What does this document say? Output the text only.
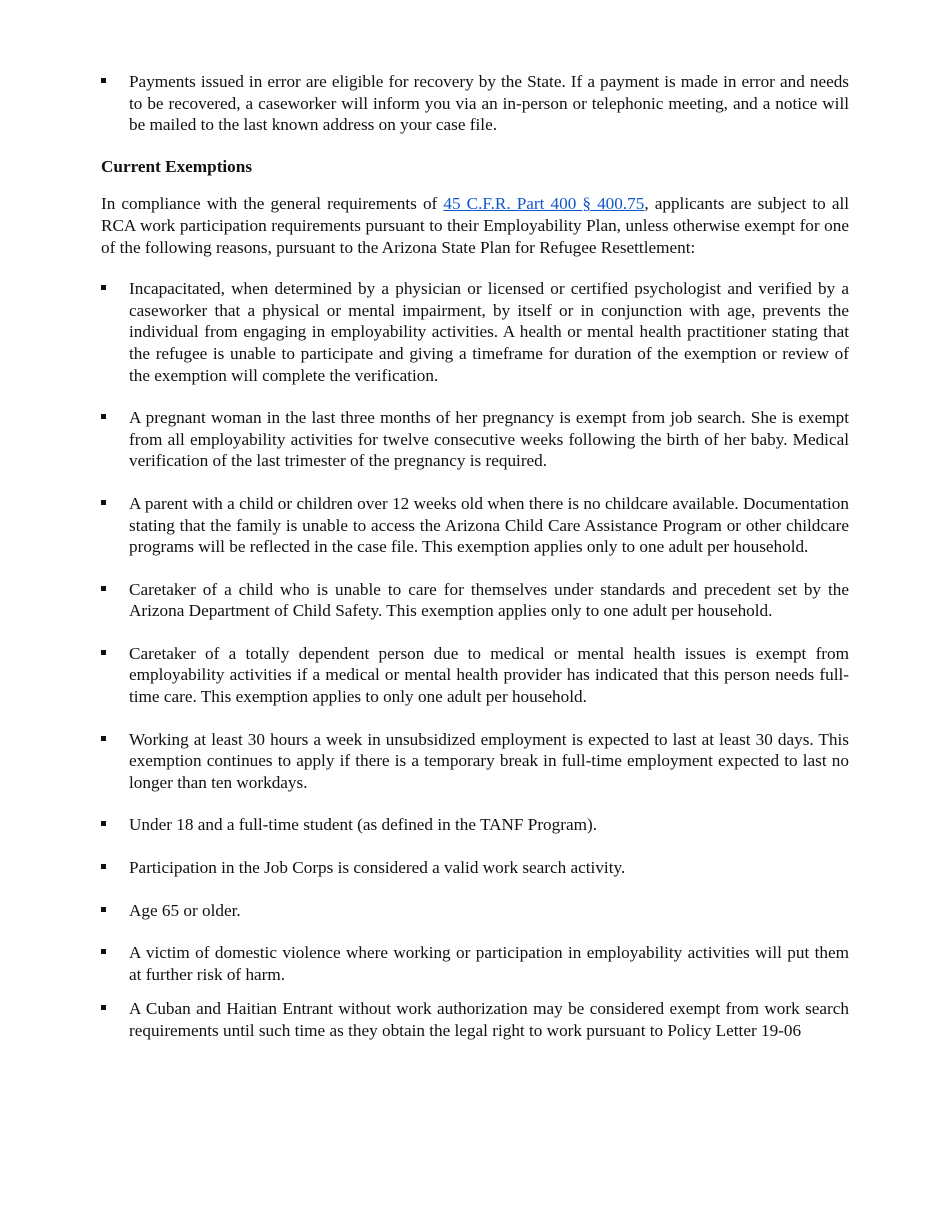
Payments issued in error are eligible for recovery by the State. If a payment is made in error and needs to be recovered, a caseworker will inform you via an in-person or telephonic meeting, and a notice will be mailed to the last known address on your case file.
Current Exemptions
In compliance with the general requirements of 45 C.F.R. Part 400 § 400.75, applicants are subject to all RCA work participation requirements pursuant to their Employability Plan, unless otherwise exempt for one of the following reasons, pursuant to the Arizona State Plan for Refugee Resettlement:
Incapacitated, when determined by a physician or licensed or certified psychologist and verified by a caseworker that a physical or mental impairment, by itself or in conjunction with age, prevents the individual from engaging in employability activities. A health or mental health practitioner stating that the refugee is unable to participate and giving a timeframe for duration of the exemption or review of the exemption will complete the verification.
A pregnant woman in the last three months of her pregnancy is exempt from job search. She is exempt from all employability activities for twelve consecutive weeks following the birth of her baby. Medical verification of the last trimester of the pregnancy is required.
A parent with a child or children over 12 weeks old when there is no childcare available. Documentation stating that the family is unable to access the Arizona Child Care Assistance Program or other childcare programs will be reflected in the case file. This exemption applies only to one adult per household.
Caretaker of a child who is unable to care for themselves under standards and precedent set by the Arizona Department of Child Safety. This exemption applies only to one adult per household.
Caretaker of a totally dependent person due to medical or mental health issues is exempt from employability activities if a medical or mental health provider has indicated that this person needs full-time care. This exemption applies to only one adult per household.
Working at least 30 hours a week in unsubsidized employment is expected to last at least 30 days. This exemption continues to apply if there is a temporary break in full-time employment expected to last no longer than ten workdays.
Under 18 and a full-time student (as defined in the TANF Program).
Participation in the Job Corps is considered a valid work search activity.
Age 65 or older.
A victim of domestic violence where working or participation in employability activities will put them at further risk of harm.
A Cuban and Haitian Entrant without work authorization may be considered exempt from work search requirements until such time as they obtain the legal right to work pursuant to Policy Letter 19-06
